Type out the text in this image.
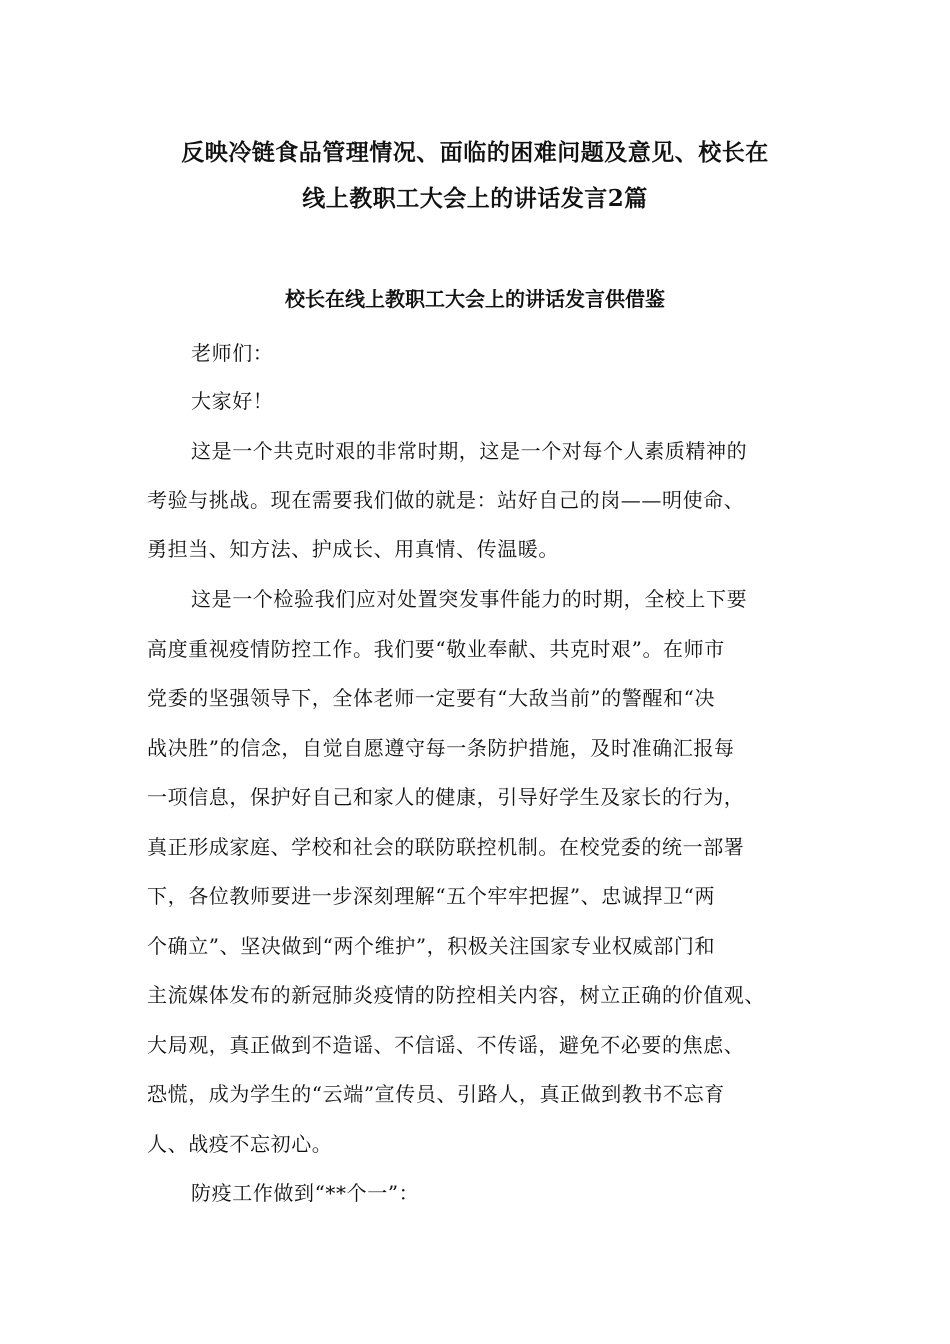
反映冷链食品管理情况、面临的困难问题及意见、校长在
线上教职工大会上的讲话发言2篇
校长在线上教职工大会上的讲话发言供借鉴
老师们：
大家好！
这是一个共克时艰的非常时期，这是一个对每个人素质精神的
考验与挑战。现在需要我们做的就是：站好自己的岗——明使命、
勇担当、知方法、护成长、用真情、传温暖。
这是一个检验我们应对处置突发事件能力的时期，全校上下要
高度重视疫情防控工作。我们要“敬业奉献、共克时艰”。在师市
党委的坚强领导下，全体老师一定要有“大敌当前”的警醒和“决
战决胜”的信念，自觉自愿遵守每一条防护措施，及时准确汇报每
一项信息，保护好自己和家人的健康，引导好学生及家长的行为，
真正形成家庭、学校和社会的联防联控机制。在校党委的统一部署
下，各位教师要进一步深刻理解“五个牢牢把握”、忠诚捍卫“两
个确立”、坚决做到“两个维护”，积极关注国家专业权威部门和
主流媒体发布的新冠肺炎疫情的防控相关内容，树立正确的价值观、
大局观，真正做到不造谣、不信谣、不传谣，避免不必要的焦虑、
恐慌，成为学生的“云端”宣传员、引路人，真正做到教书不忘育
人、战疫不忘初心。
防疫工作做到“**个一”：
